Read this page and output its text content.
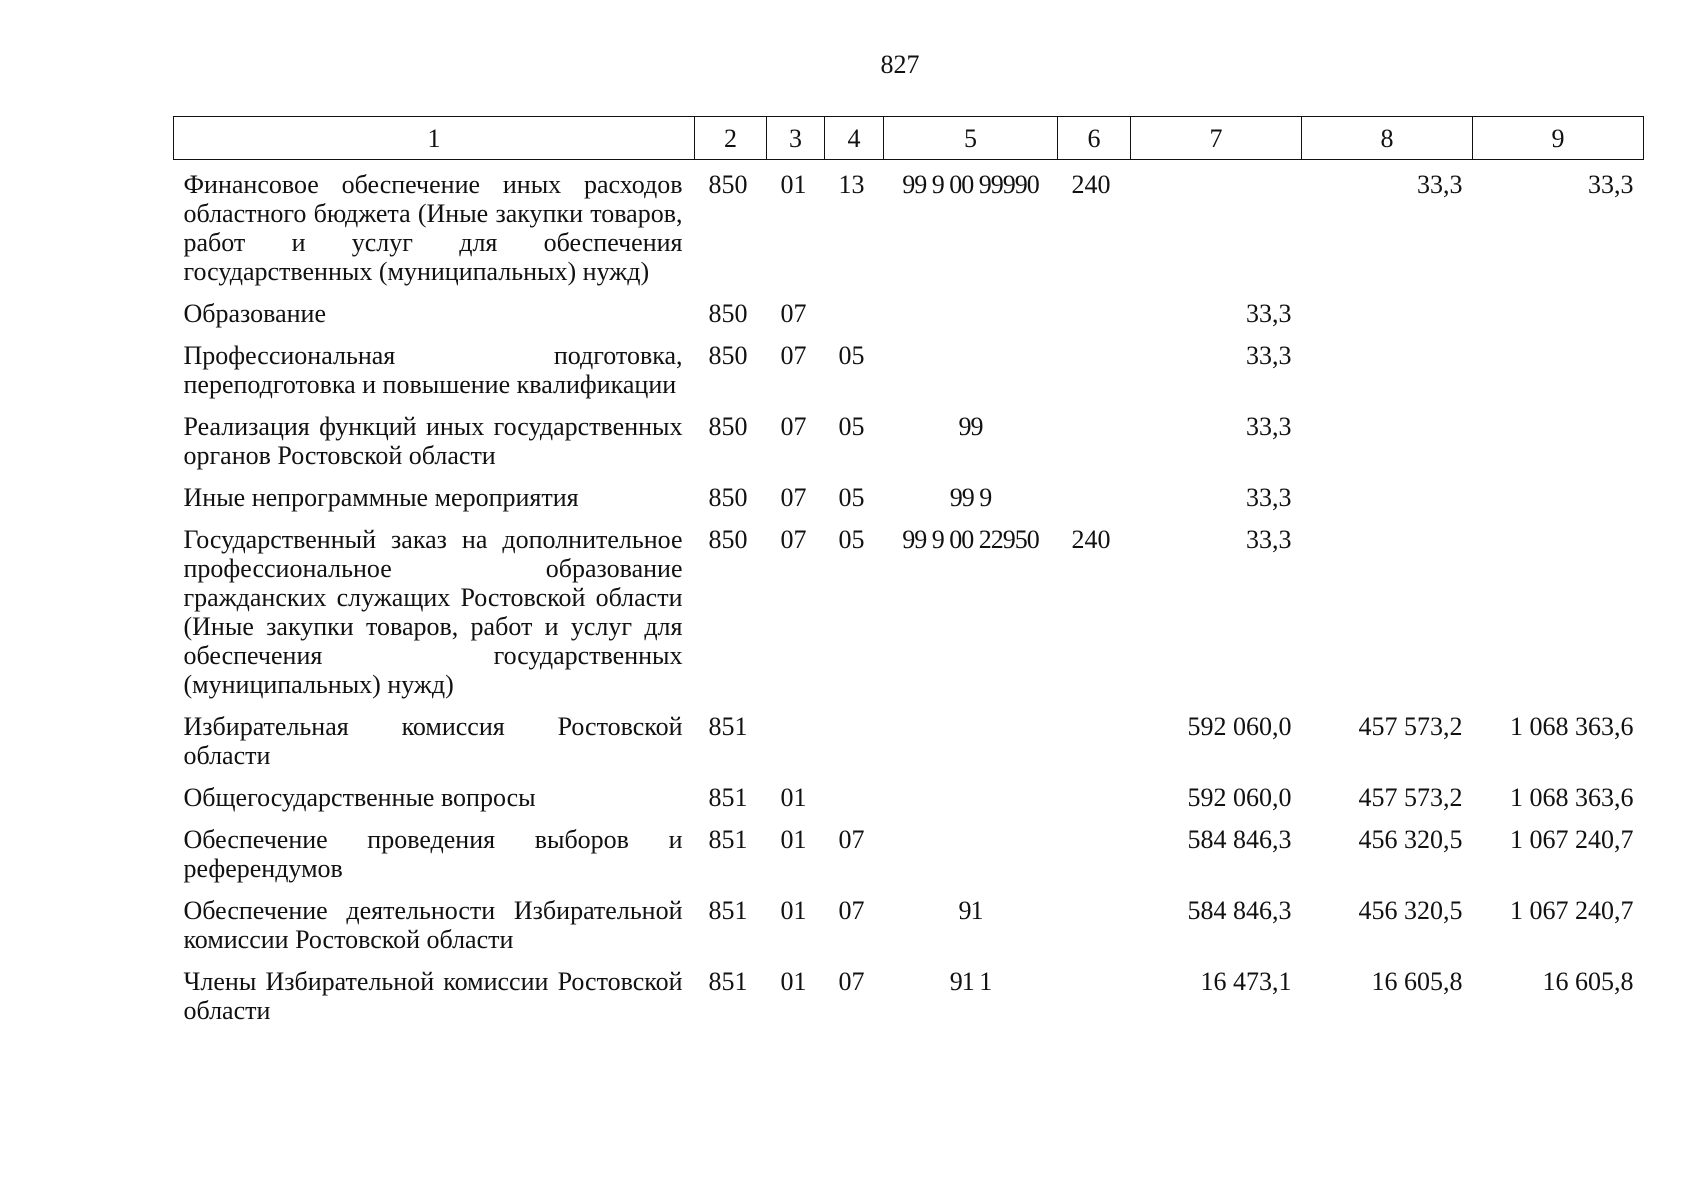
827
1	2	3	4	5	6	7	8	9
Финансовое обеспечение иных расходов областного бюджета (Иные закупки товаров, работ и услуг для обеспечения государственных (муниципальных) нужд)	850	01	13	99 9 00 99990	240		33,3	33,3
Образование	850	07				33,3		
Профессиональная подготовка, переподготовка и повышение квалификации	850	07	05			33,3		
Реализация функций иных государственных органов Ростовской области	850	07	05	99		33,3		
Иные непрограммные мероприятия	850	07	05	99 9		33,3		
Государственный заказ на дополнительное профессиональное образование гражданских служащих Ростовской области (Иные закупки товаров, работ и услуг для обеспечения государственных (муниципальных) нужд)	850	07	05	99 9 00 22950	240	33,3		
Избирательная комиссия Ростовской области	851					592 060,0	457 573,2	1 068 363,6
Общегосударственные вопросы	851	01				592 060,0	457 573,2	1 068 363,6
Обеспечение проведения выборов и референдумов	851	01	07			584 846,3	456 320,5	1 067 240,7
Обеспечение деятельности Избирательной комиссии Ростовской области	851	01	07	91		584 846,3	456 320,5	1 067 240,7
Члены Избирательной комиссии Ростовской области	851	01	07	91 1		16 473,1	16 605,8	16 605,8
